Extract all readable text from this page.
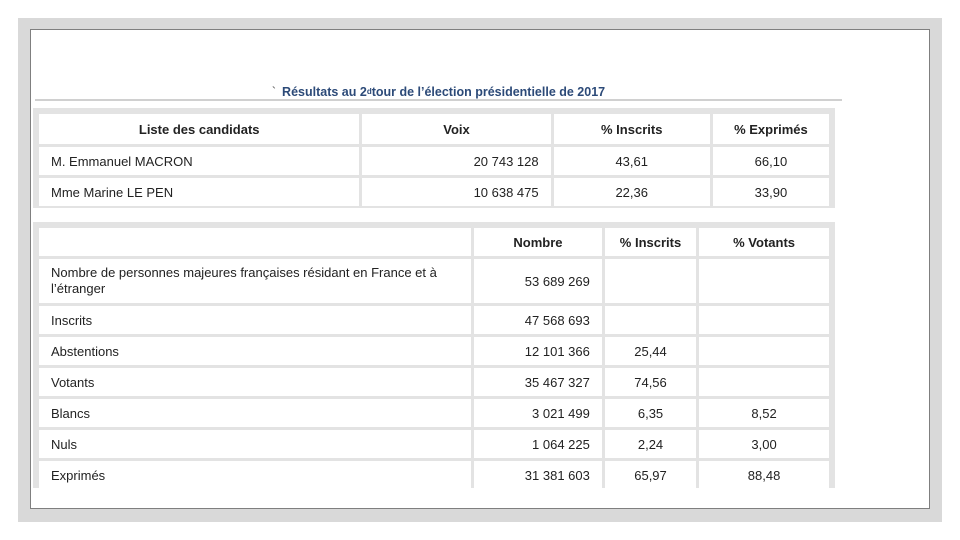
` Résultats au 2 d tour de l’élection présidentielle de 2017
Liste des candidats	Voix	% Inscrits	% Exprimés
M. Emmanuel MACRON	20 743 128	43,61	66,10
Mme Marine LE PEN	10 638 475	22,36	33,90
	Nombre	% Inscrits	% Votants
Nombre de personnes majeures françaises résidant en France et à l’étranger	53 689 269		
Inscrits	47 568 693		
Abstentions	12 101 366	25,44	
Votants	35 467 327	74,56	
Blancs	3 021 499	6,35	8,52
Nuls	1 064 225	2,24	3,00
Exprimés	31 381 603	65,97	88,48
